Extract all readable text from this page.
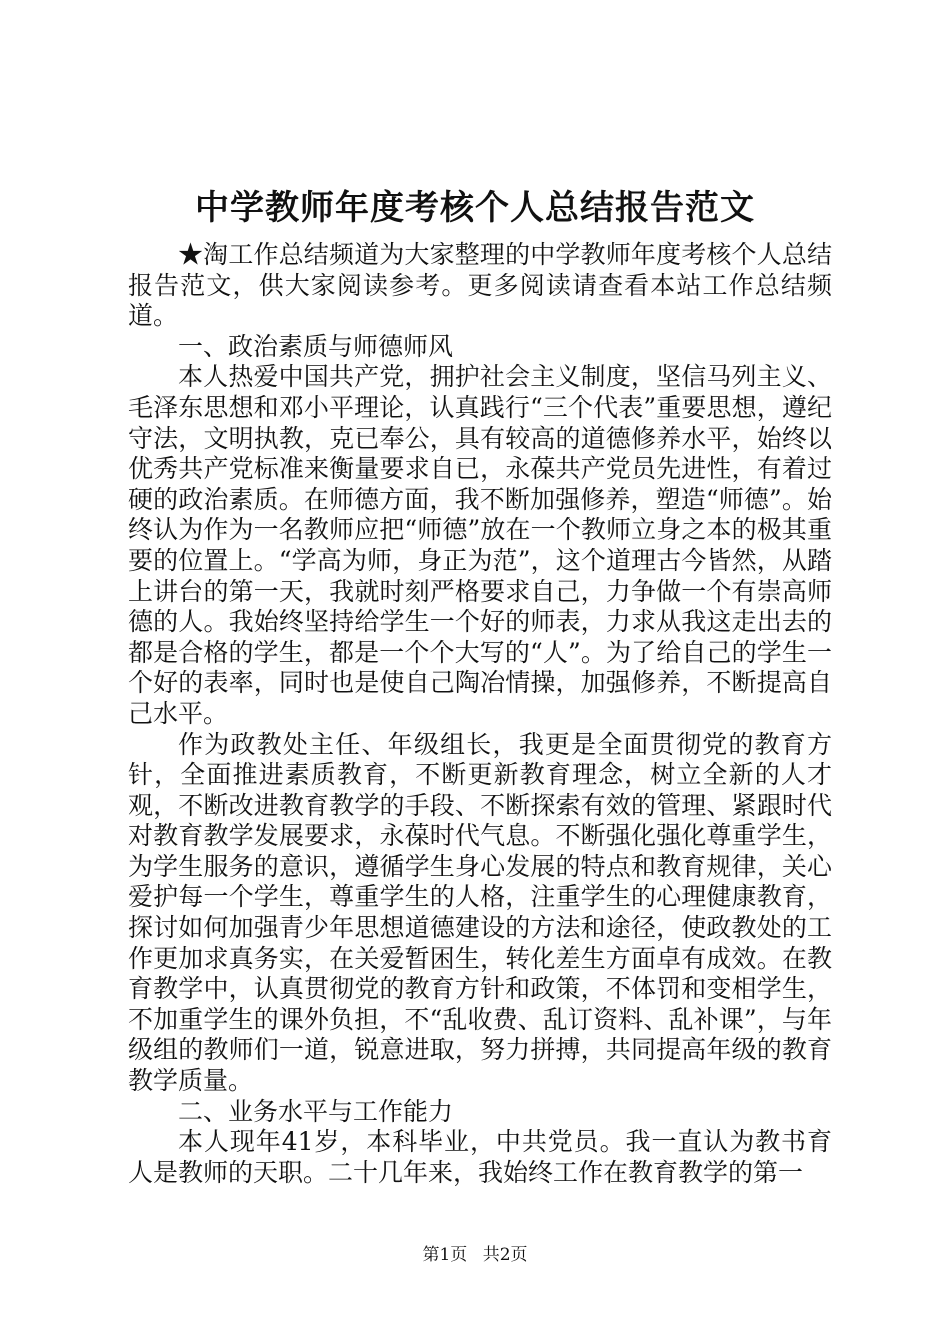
中学教师年度考核个人总结报告范文

★淘工作总结频道为大家整理的中学教师年度考核个人总结报告范文，供大家阅读参考。更多阅读请查看本站工作总结频道。

一、政治素质与师德师风

本人热爱中国共产党，拥护社会主义制度，坚信马列主义、毛泽东思想和邓小平理论，认真践行“三个代表”重要思想，遵纪守法，文明执教，克已奉公，具有较高的道德修养水平，始终以优秀共产党标准来衡量要求自已，永葆共产党员先进性，有着过硬的政治素质。在师德方面，我不断加强修养，塑造“师德”。始终认为作为一名教师应把“师德”放在一个教师立身之本的极其重要的位置上。“学高为师，身正为范”，这个道理古今皆然，从踏上讲台的第一天，我就时刻严格要求自己，力争做一个有崇高师德的人。我始终坚持给学生一个好的师表，力求从我这走出去的都是合格的学生，都是一个个大写的“人”。为了给自己的学生一个好的表率，同时也是使自己陶冶情操，加强修养，不断提高自己水平。

作为政教处主任、年级组长，我更是全面贯彻党的教育方针，全面推进素质教育，不断更新教育理念，树立全新的人才观，不断改进教育教学的手段、不断探索有效的管理、紧跟时代对教育教学发展要求，永葆时代气息。不断强化强化尊重学生，为学生服务的意识，遵循学生身心发展的特点和教育规律，关心爱护每一个学生，尊重学生的人格，注重学生的心理健康教育，探讨如何加强青少年思想道德建设的方法和途径，使政教处的工作更加求真务实，在关爱暂困生，转化差生方面卓有成效。在教育教学中，认真贯彻党的教育方针和政策，不体罚和变相学生，不加重学生的课外负担，不“乱收费、乱订资料、乱补课”，与年级组的教师们一道，锐意进取，努力拼搏，共同提高年级的教育教学质量。

二、业务水平与工作能力

本人现年41岁，本科毕业，中共党员。我一直认为教书育人是教师的天职。二十几年来，我始终工作在教育教学的第一

第1页 共2页
